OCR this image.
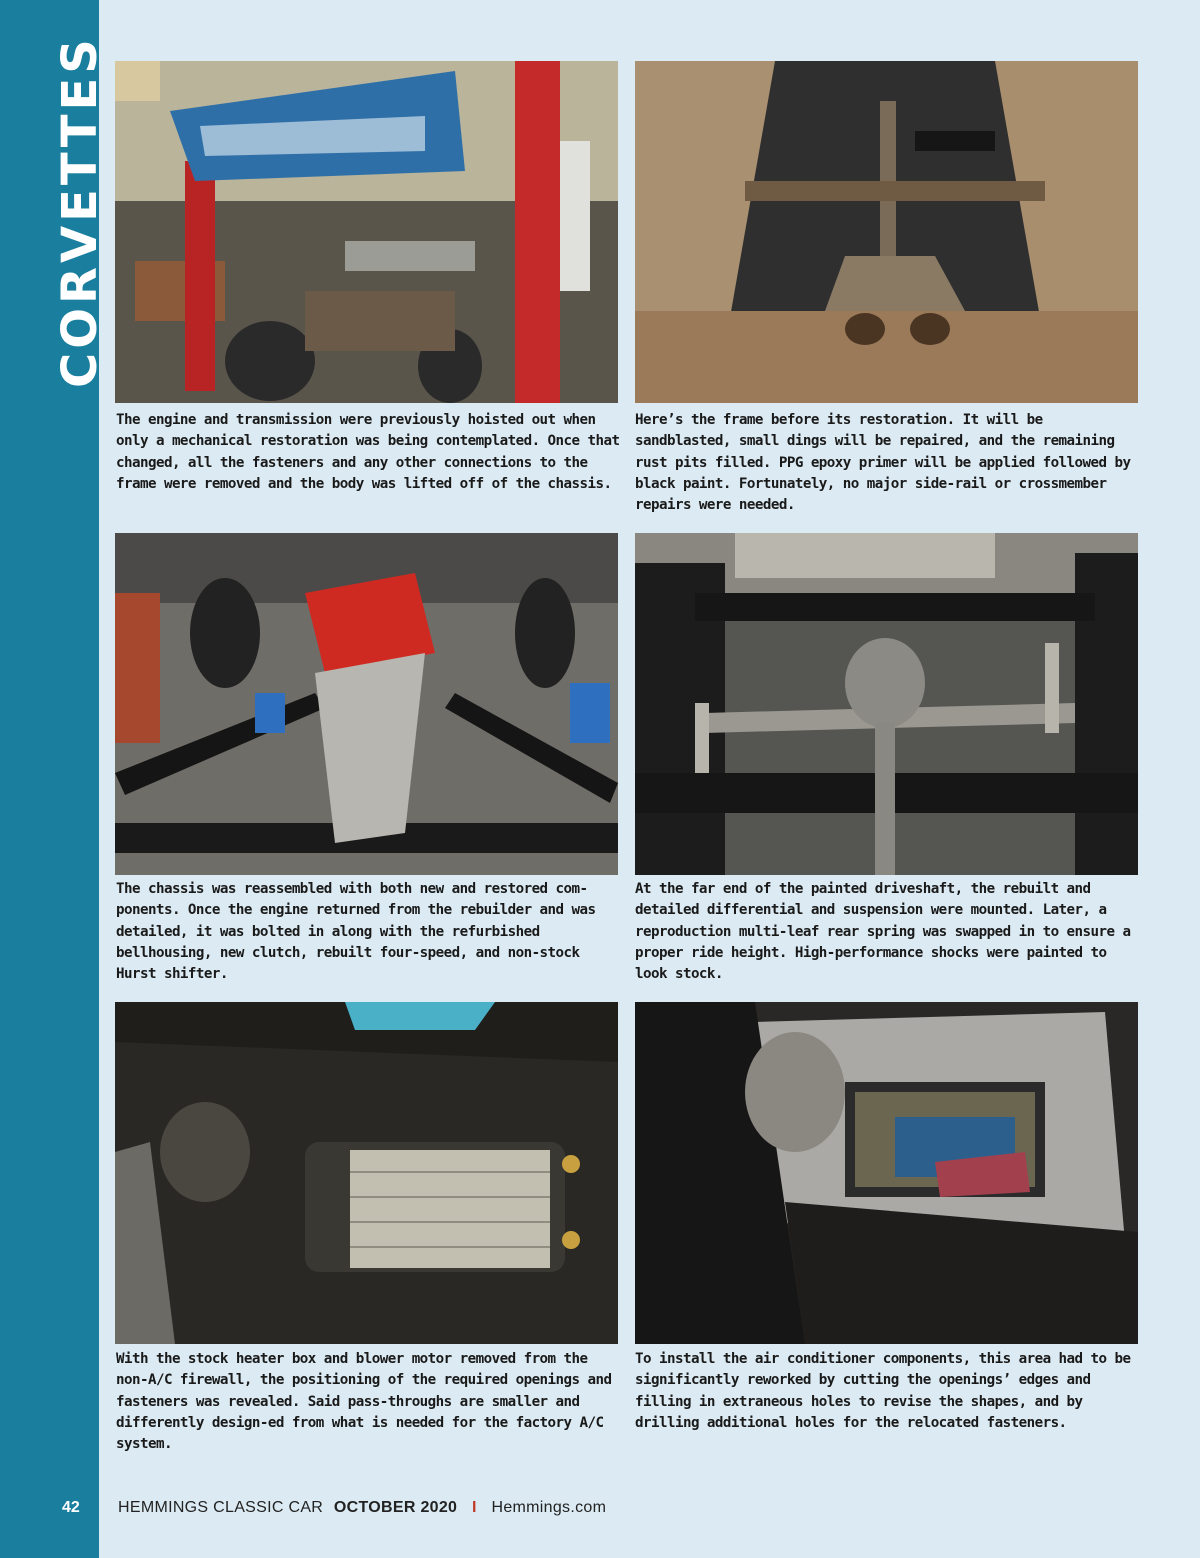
CORVETTES
42
The engine and transmission were previously hoisted out when only a mechanical restoration was being contemplated. Once that changed, all the fasteners and any other connections to the frame were removed and the body was lifted off of the chassis.
Here’s the frame before its restoration. It will be sandblasted, small dings will be repaired, and the remaining rust pits filled. PPG epoxy primer will be applied followed by black paint. Fortunately, no major side-rail or crossmember repairs were needed.
The chassis was reassembled with both new and restored com-ponents. Once the engine returned from the rebuilder and was detailed, it was bolted in along with the refurbished bellhousing, new clutch, rebuilt four-speed, and non-stock Hurst shifter.
At the far end of the painted driveshaft, the rebuilt and detailed differential and suspension were mounted. Later, a reproduction multi-leaf rear spring was swapped in to ensure a proper ride height. High-performance shocks were painted to look stock.
With the stock heater box and blower motor removed from the non-A/C firewall, the positioning of the required openings and fasteners was revealed. Said pass-throughs are smaller and differently design-ed from what is needed for the factory A/C system.
To install the air conditioner components, this area had to be significantly reworked by cutting the openings’ edges and filling in extraneous holes to revise the shapes, and by drilling additional holes for the relocated fasteners.
HEMMINGS CLASSIC CAR OCTOBER 2020 I Hemmings.com
